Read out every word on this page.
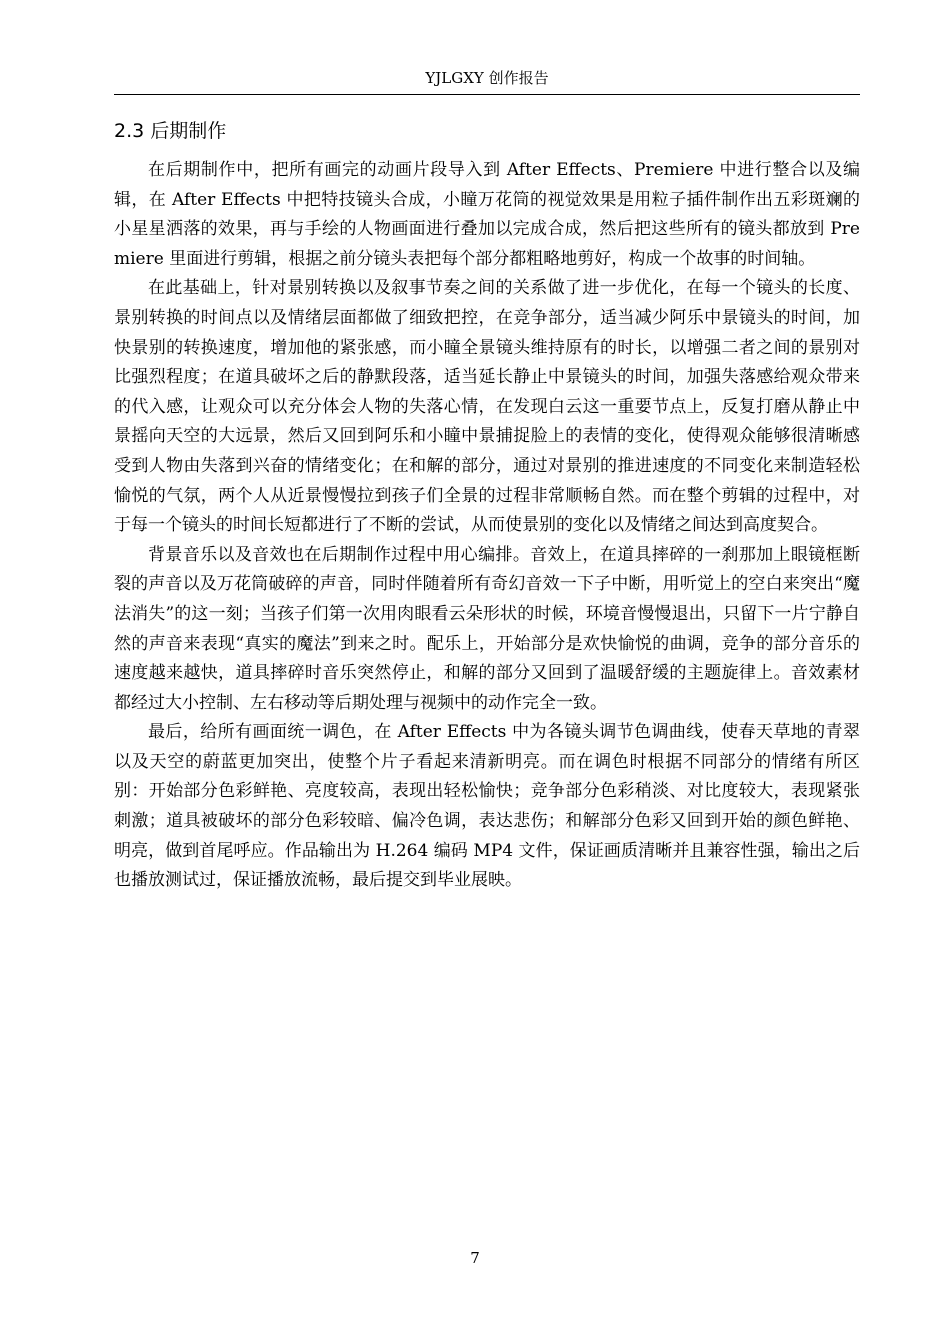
YJLGXY 创作报告
2.3 后期制作

在后期制作中，把所有画完的动画片段导入到 After Effects、Premiere 中进行整合以及编辑，在 After Effects 中把特技镜头合成，小瞳万花筒的视觉效果是用粒子插件制作出五彩斑斓的小星星洒落的效果，再与手绘的人物画面进行叠加以完成合成，然后把这些所有的镜头都放到 Premiere 里面进行剪辑，根据之前分镜头表把每个部分都粗略地剪好，构成一个故事的时间轴。

在此基础上，针对景别转换以及叙事节奏之间的关系做了进一步优化，在每一个镜头的长度、景别转换的时间点以及情绪层面都做了细致把控，在竞争部分，适当减少阿乐中景镜头的时间，加快景别的转换速度，增加他的紧张感，而小瞳全景镜头维持原有的时长，以增强二者之间的景别对比强烈程度；在道具破坏之后的静默段落，适当延长静止中景镜头的时间，加强失落感给观众带来的代入感，让观众可以充分体会人物的失落心情，在发现白云这一重要节点上，反复打磨从静止中景摇向天空的大远景，然后又回到阿乐和小瞳中景捕捉脸上的表情的变化，使得观众能够很清晰感受到人物由失落到兴奋的情绪变化；在和解的部分，通过对景别的推进速度的不同变化来制造轻松愉悦的气氛，两个人从近景慢慢拉到孩子们全景的过程非常顺畅自然。而在整个剪辑的过程中，对于每一个镜头的时间长短都进行了不断的尝试，从而使景别的变化以及情绪之间达到高度契合。

背景音乐以及音效也在后期制作过程中用心编排。音效上，在道具摔碎的一刹那加上眼镜框断裂的声音以及万花筒破碎的声音，同时伴随着所有奇幻音效一下子中断，用听觉上的空白来突出“魔法消失”的这一刻；当孩子们第一次用肉眼看云朵形状的时候，环境音慢慢退出，只留下一片宁静自然的声音来表现“真实的魔法”到来之时。配乐上，开始部分是欢快愉悦的曲调，竞争的部分音乐的速度越来越快，道具摔碎时音乐突然停止，和解的部分又回到了温暖舒缓的主题旋律上。音效素材都经过大小控制、左右移动等后期处理与视频中的动作完全一致。

最后，给所有画面统一调色，在 After Effects 中为各镜头调节色调曲线，使春天草地的青翠以及天空的蔚蓝更加突出，使整个片子看起来清新明亮。而在调色时根据不同部分的情绪有所区别：开始部分色彩鲜艳、亮度较高，表现出轻松愉快；竞争部分色彩稍淡、对比度较大，表现紧张刺激；道具被破坏的部分色彩较暗、偏冷色调，表达悲伤；和解部分色彩又回到开始的颜色鲜艳、明亮，做到首尾呼应。作品输出为 H.264 编码 MP4 文件，保证画质清晰并且兼容性强，输出之后也播放测试过，保证播放流畅，最后提交到毕业展映。

7
